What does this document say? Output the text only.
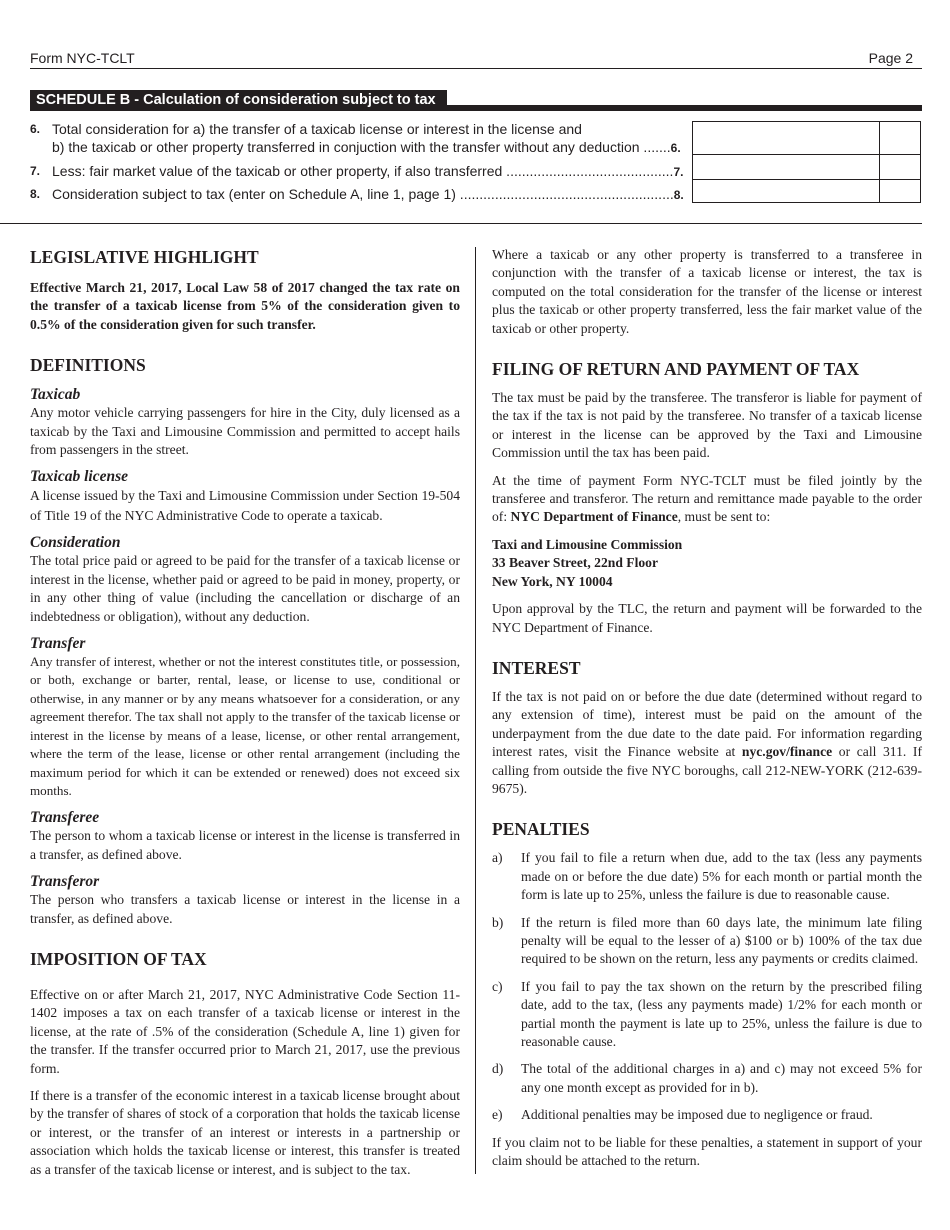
Form NYC-TCLT	Page 2
SCHEDULE B - Calculation of consideration subject to tax
6. Total consideration for a) the transfer of a taxicab license or interest in the license and
b) the taxicab or other property transferred in conjuction with the transfer without any deduction .......6.
7. Less: fair market value of the taxicab or other property, if also transferred ...........................................7.
8. Consideration subject to tax (enter on Schedule A, line 1, page 1) .......................................................8.
LEGISLATIVE HIGHLIGHT

Effective March 21, 2017, Local Law 58 of 2017 changed the tax rate on the transfer of a taxicab license from 5% of the consideration given to 0.5% of the consideration given for such transfer.

DEFINITIONS
Taxicab

Any motor vehicle carrying passengers for hire in the City, duly licensed as a taxicab by the Taxi and Limousine Commission and permitted to accept hails from passengers in the street.

Taxicab license

A license issued by the Taxi and Limousine Commission under Section 19-504 of Title 19 of the NYC Administrative Code to operate a taxicab.

Consideration

The total price paid or agreed to be paid for the transfer of a taxicab license or interest in the license, whether paid or agreed to be paid in money, property, or in any other thing of value (including the cancellation or discharge of an indebtedness or obligation), without any deduction.

Transfer

Any transfer of interest, whether or not the interest constitutes title, or possession, or both, exchange or barter, rental, lease, or license to use, conditional or otherwise, in any manner or by any means whatsoever for a consideration, or any agreement therefor. The tax shall not apply to the transfer of the taxicab license or interest in the license by means of a lease, license, or other rental arrangement, where the term of the lease, license or other rental arrangement (including the maximum period for which it can be extended or renewed) does not exceed six months.

Transferee

The person to whom a taxicab license or interest in the license is transferred in a transfer, as defined above.

Transferor

The person who transfers a taxicab license or interest in the license in a transfer, as defined above.

IMPOSITION OF TAX

Effective on or after March 21, 2017, NYC Administrative Code Section 11-1402 imposes a tax on each transfer of a taxicab license or interest in the license, at the rate of .5% of the consideration (Schedule A, line 1) given for the transfer. If the transfer occurred prior to March 21, 2017, use the previous form.

If there is a transfer of the economic interest in a taxicab license brought about by the transfer of shares of stock of a corporation that holds the taxicab license or interest, or the transfer of an interest or interests in a partnership or association which holds the taxicab license or interest, this transfer is treated as a transfer of the taxicab license or interest, and is subject to the tax.

Where a taxicab or any other property is transferred to a transferee in conjunction with the transfer of a taxicab license or interest, the tax is computed on the total consideration for the transfer of the license or interest plus the taxicab or other property transferred, less the fair market value of the taxicab or other property.

FILING OF RETURN AND PAYMENT OF TAX

The tax must be paid by the transferee. The transferor is liable for payment of the tax if the tax is not paid by the transferee. No transfer of a taxicab license or interest in the license can be approved by the Taxi and Limousine Commission until the tax has been paid.

At the time of payment Form NYC-TCLT must be filed jointly by the transferee and transferor. The return and remittance made payable to the order of: NYC Department of Finance, must be sent to:

Taxi and Limousine Commission

33 Beaver Street, 22nd Floor

New York, NY 10004

Upon approval by the TLC, the return and payment will be forwarded to the NYC Department of Finance.

INTEREST

If the tax is not paid on or before the due date (determined without regard to any extension of time), interest must be paid on the amount of the underpayment from the due date to the date paid. For information regarding interest rates, visit the Finance website at nyc.gov/finance or call 311. If calling from outside the five NYC boroughs, call 212-NEW-YORK (212-639-9675).

PENALTIES
a) If you fail to file a return when due, add to the tax (less any payments made on or before the due date) 5% for each month or partial month the form is late up to 25%, unless the failure is due to reasonable cause.
b) If the return is filed more than 60 days late, the minimum late filing penalty will be equal to the lesser of a) $100 or b) 100% of the tax due required to be shown on the return, less any payments or credits claimed.
c) If you fail to pay the tax shown on the return by the prescribed filing date, add to the tax, (less any payments made) 1/2% for each month or partial month the payment is late up to 25%, unless the failure is due to reasonable cause.
d) The total of the additional charges in a) and c) may not exceed 5% for any one month except as provided for in b).
e) Additional penalties may be imposed due to negligence or fraud.

If you claim not to be liable for these penalties, a statement in support of your claim should be attached to the return.
